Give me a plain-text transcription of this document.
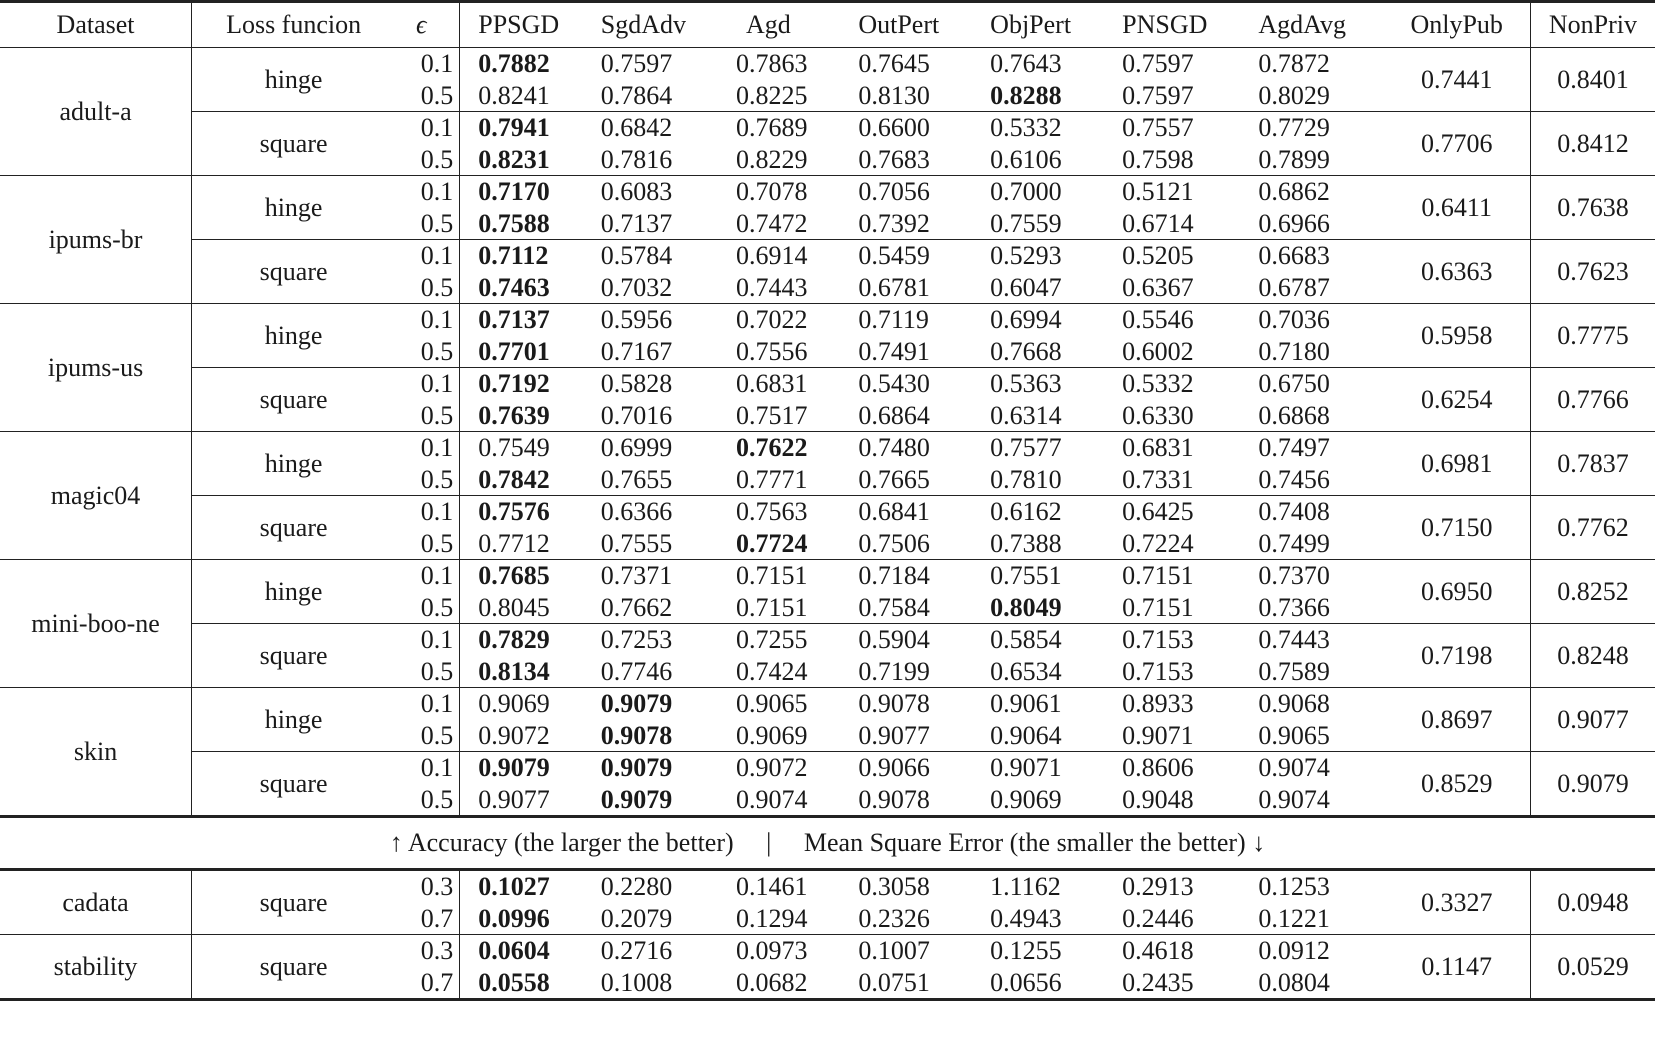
Dataset	Loss funcion	ϵ	PPSGD	SgdAdv	Agd	OutPert	ObjPert	PNSGD	AgdAvg	OnlyPub	NonPriv
adult-a	hinge	0.1	0.7882	0.7597	0.7863	0.7645	0.7643	0.7597	0.7872	0.7441	0.8401
		0.5	0.8241	0.7864	0.8225	0.8130	0.8288	0.7597	0.8029		
	square	0.1	0.7941	0.6842	0.7689	0.6600	0.5332	0.7557	0.7729	0.7706	0.8412
		0.5	0.8231	0.7816	0.8229	0.7683	0.6106	0.7598	0.7899		
ipums-br	hinge	0.1	0.7170	0.6083	0.7078	0.7056	0.7000	0.5121	0.6862	0.6411	0.7638
		0.5	0.7588	0.7137	0.7472	0.7392	0.7559	0.6714	0.6966		
	square	0.1	0.7112	0.5784	0.6914	0.5459	0.5293	0.5205	0.6683	0.6363	0.7623
		0.5	0.7463	0.7032	0.7443	0.6781	0.6047	0.6367	0.6787		
ipums-us	hinge	0.1	0.7137	0.5956	0.7022	0.7119	0.6994	0.5546	0.7036	0.5958	0.7775
		0.5	0.7701	0.7167	0.7556	0.7491	0.7668	0.6002	0.7180		
	square	0.1	0.7192	0.5828	0.6831	0.5430	0.5363	0.5332	0.6750	0.6254	0.7766
		0.5	0.7639	0.7016	0.7517	0.6864	0.6314	0.6330	0.6868		
magic04	hinge	0.1	0.7549	0.6999	0.7622	0.7480	0.7577	0.6831	0.7497	0.6981	0.7837
		0.5	0.7842	0.7655	0.7771	0.7665	0.7810	0.7331	0.7456		
	square	0.1	0.7576	0.6366	0.7563	0.6841	0.6162	0.6425	0.7408	0.7150	0.7762
		0.5	0.7712	0.7555	0.7724	0.7506	0.7388	0.7224	0.7499		
mini-boo-ne	hinge	0.1	0.7685	0.7371	0.7151	0.7184	0.7551	0.7151	0.7370	0.6950	0.8252
		0.5	0.8045	0.7662	0.7151	0.7584	0.8049	0.7151	0.7366		
	square	0.1	0.7829	0.7253	0.7255	0.5904	0.5854	0.7153	0.7443	0.7198	0.8248
		0.5	0.8134	0.7746	0.7424	0.7199	0.6534	0.7153	0.7589		
skin	hinge	0.1	0.9069	0.9079	0.9065	0.9078	0.9061	0.8933	0.9068	0.8697	0.9077
		0.5	0.9072	0.9078	0.9069	0.9077	0.9064	0.9071	0.9065		
	square	0.1	0.9079	0.9079	0.9072	0.9066	0.9071	0.8606	0.9074	0.8529	0.9079
		0.5	0.9077	0.9079	0.9074	0.9078	0.9069	0.9048	0.9074		
↑ Accuracy (the larger the better) | Mean Square Error (the smaller the better) ↓											
cadata	square	0.3	0.1027	0.2280	0.1461	0.3058	1.1162	0.2913	0.1253	0.3327	0.0948
		0.7	0.0996	0.2079	0.1294	0.2326	0.4943	0.2446	0.1221		
stability	square	0.3	0.0604	0.2716	0.0973	0.1007	0.1255	0.4618	0.0912	0.1147	0.0529
		0.7	0.0558	0.1008	0.0682	0.0751	0.0656	0.2435	0.0804		
